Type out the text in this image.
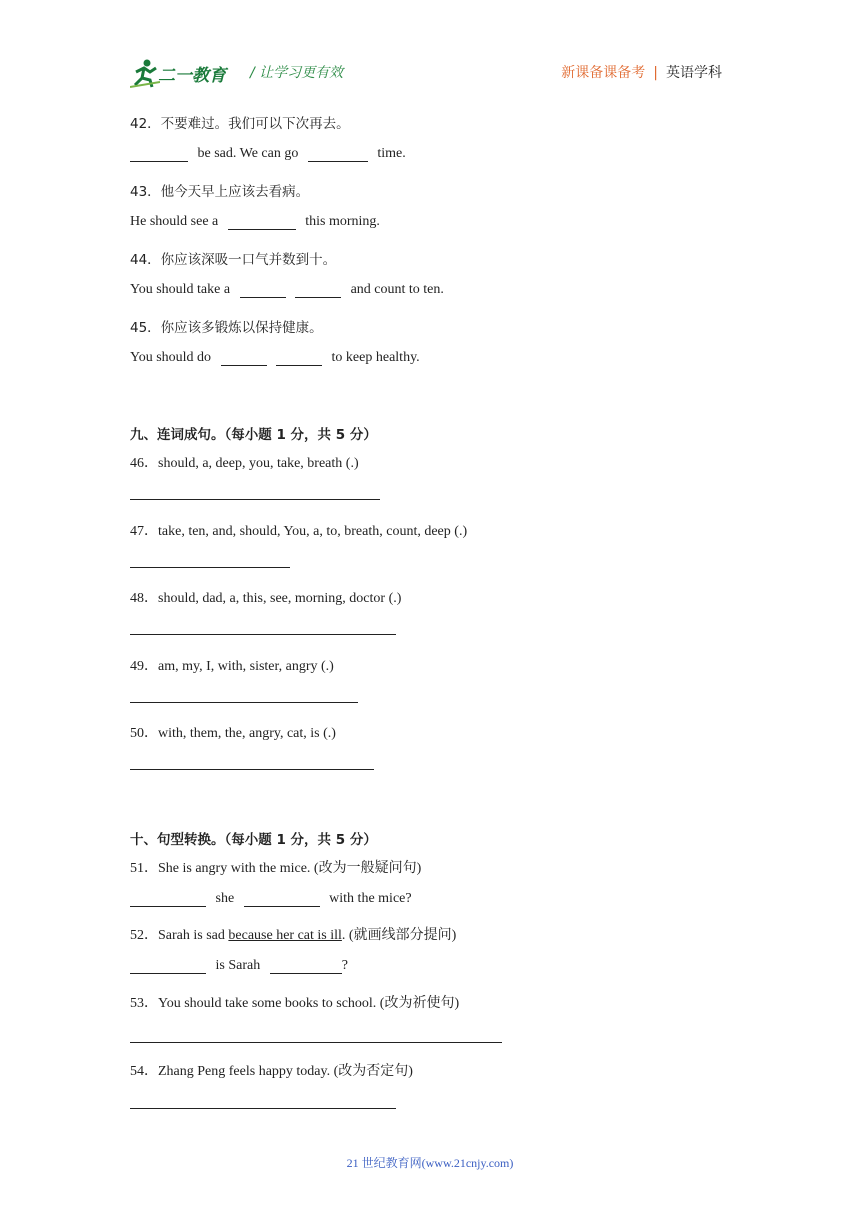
二一教育 / 让学习更有效	新课备课备考 | 英语学科
42．不要难过。我们可以下次再去。
be sad. We can go	time.
43．他今天早上应该去看病。
He should see a	this morning.
44．你应该深吸一口气并数到十。
You should take a	and count to ten.
45．你应该多锻炼以保持健康。
You should do	to keep healthy.
九、连词成句。（每小题 1 分，共 5 分）
46．should, a, deep, you, take, breath (.)
47．take, ten, and, should, You, a, to, breath, count, deep (.)
48．should, dad, a, this, see, morning, doctor (.)
49．am, my, I, with, sister, angry (.)
50．with, them, the, angry, cat, is (.)
十、句型转换。（每小题 1 分，共 5 分）
51．She is angry with the mice. (改为一般疑问句)
she	with the mice?
52．Sarah is sad because her cat is ill. (就画线部分提问)
is Sarah	?
53．You should take some books to school. (改为祈使句)
54．Zhang Peng feels happy today. (改为否定句)
21 世纪教育网(www.21cnjy.com)
